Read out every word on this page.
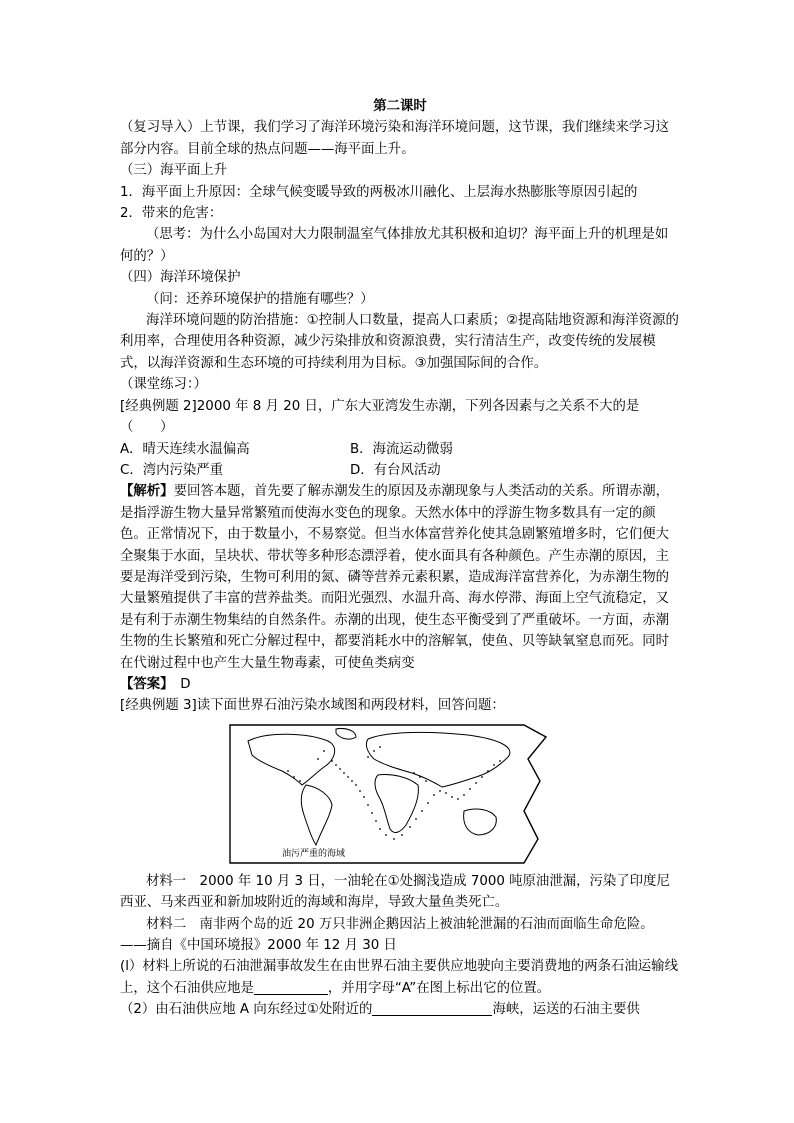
第二课时

（复习导入）上节课，我们学习了海洋环境污染和海洋环境问题，这节课，我们继续来学习这部分内容。目前全球的热点问题——海平面上升。

（三）海平面上升

1．海平面上升原因：全球气候变暖导致的两极冰川融化、上层海水热膨胀等原因引起的

2．带来的危害：

（思考：为什么小岛国对大力限制温室气体排放尤其积极和迫切？海平面上升的机理是如何的？）

（四）海洋环境保护

（问：还养环境保护的措施有哪些？）

海洋环境问题的防治措施：①控制人口数量，提高人口素质；②提高陆地资源和海洋资源的利用率，合理使用各种资源，减少污染排放和资源浪费，实行清洁生产，改变传统的发展模式，以海洋资源和生态环境的可持续利用为目标。③加强国际间的合作。

（课堂练习：）

[经典例题 2]2000 年 8 月 20 日，广东大亚湾发生赤潮，下列各因素与之关系不大的是（　　）

A．晴天连续水温偏高	B．海流运动微弱
C．湾内污染严重	D．有台风活动

【解析】要回答本题，首先要了解赤潮发生的原因及赤潮现象与人类活动的关系。所谓赤潮，是指浮游生物大量异常繁殖而使海水变色的现象。天然水体中的浮游生物多数具有一定的颜色。正常情况下，由于数量小，不易察觉。但当水体富营养化使其急剧繁殖增多时，它们便大全聚集于水面，呈块状、带状等多种形态漂浮着，使水面具有各种颜色。产生赤潮的原因，主要是海洋受到污染，生物可利用的氮、磷等营养元素积累，造成海洋富营养化，为赤潮生物的大量繁殖提供了丰富的营养盐类。而阳光强烈、水温升高、海水停滞、海面上空气流稳定，又是有利于赤潮生物集结的自然条件。赤潮的出现，使生态平衡受到了严重破坏。一方面，赤潮生物的生长繁殖和死亡分解过程中，都要消耗水中的溶解氧，使鱼、贝等缺氧窒息而死。同时在代谢过程中也产生大量生物毒素，可使鱼类病变

【答案】　 D

[经典例题 3]读下面世界石油污染水域图和两段材料，回答问题：

油污严重的海域

材料一　2000 年 10 月 3 日，一油轮在①处搁浅造成 7000 吨原油泄漏，污染了印度尼西亚、马来西亚和新加坡附近的海域和海岸，导致大量鱼类死亡。

材料二　南非两个岛的近 20 万只非洲企鹅因沾上被油轮泄漏的石油而面临生命危险。

——摘自《中国环境报》2000 年 12 月 30 日

(l）材料上所说的石油泄漏事故发生在由世界石油主要供应地驶向主要消费地的两条石油运输线上，这个石油供应地是	，并用字母“A”在图上标出它的位置。

（2）由石油供应地 A 向东经过①处附近的	海峡，运送的石油主要供
